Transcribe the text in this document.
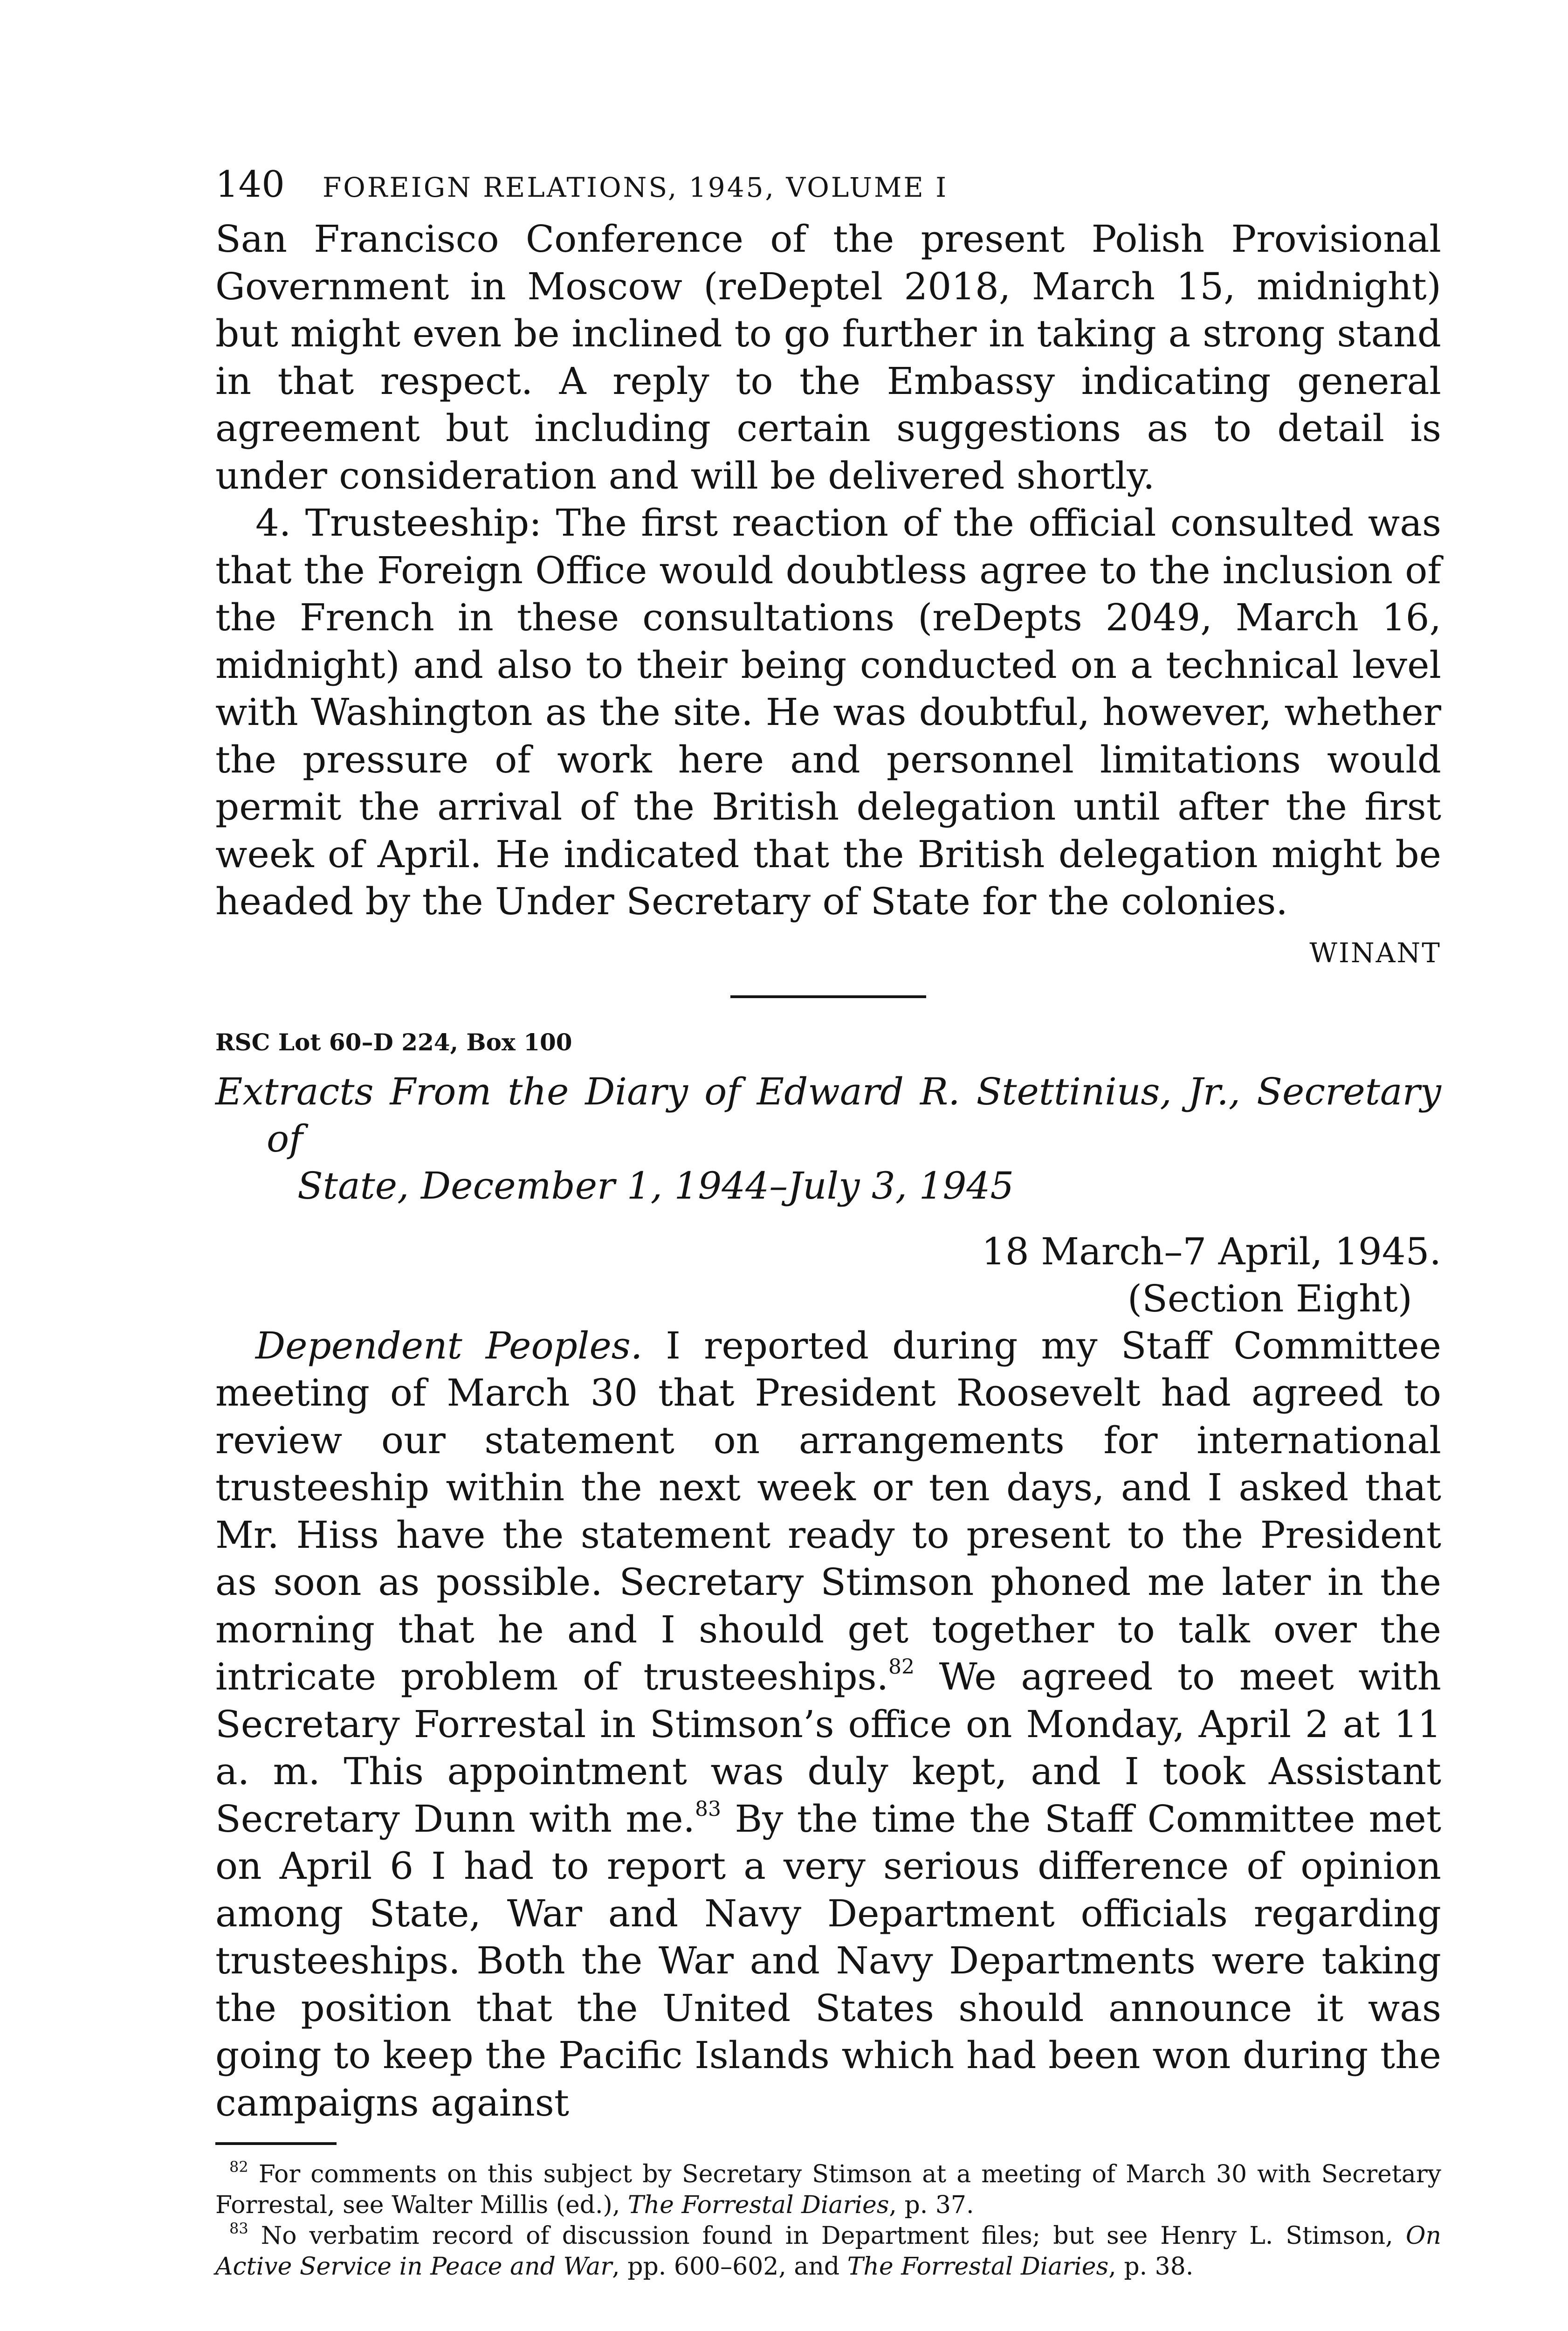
140 FOREIGN RELATIONS, 1945, VOLUME I

San Francisco Conference of the present Polish Provisional Government in Moscow (reDeptel 2018, March 15, midnight) but might even be inclined to go further in taking a strong stand in that respect. A reply to the Embassy indicating general agreement but including certain suggestions as to detail is under consideration and will be delivered shortly.

4. Trusteeship: The first reaction of the official consulted was that the Foreign Office would doubtless agree to the inclusion of the French in these consultations (reDepts 2049, March 16, midnight) and also to their being conducted on a technical level with Washington as the site. He was doubtful, however, whether the pressure of work here and personnel limitations would permit the arrival of the British delegation until after the first week of April. He indicated that the British delegation might be headed by the Under Secretary of State for the colonies.

WINANT
RSC Lot 60–D 224, Box 100

Extracts From the Diary of Edward R. Stettinius, Jr., Secretary of
State, December 1, 1944–July 3, 1945

18 March–7 April, 1945.
(Section Eight)

Dependent Peoples. I reported during my Staff Committee meeting of March 30 that President Roosevelt had agreed to review our statement on arrangements for international trusteeship within the next week or ten days, and I asked that Mr. Hiss have the statement ready to present to the President as soon as possible. Secretary Stimson phoned me later in the morning that he and I should get together to talk over the intricate problem of trusteeships.$^{82}$ We agreed to meet with Secretary Forrestal in Stimson’s office on Monday, April 2 at 11 a. m. This appointment was duly kept, and I took Assistant Secretary Dunn with me.$^{83}$ By the time the Staff Committee met on April 6 I had to report a very serious difference of opinion among State, War and Navy Department officials regarding trusteeships. Both the War and Navy Departments were taking the position that the United States should announce it was going to keep the Pacific Islands which had been won during the campaigns against

$^{82}$ For comments on this subject by Secretary Stimson at a meeting of March 30 with Secretary Forrestal, see Walter Millis (ed.), The Forrestal Diaries, p. 37.

$^{83}$ No verbatim record of discussion found in Department files; but see Henry L. Stimson, On Active Service in Peace and War, pp. 600–602, and The Forrestal Diaries, p. 38.
